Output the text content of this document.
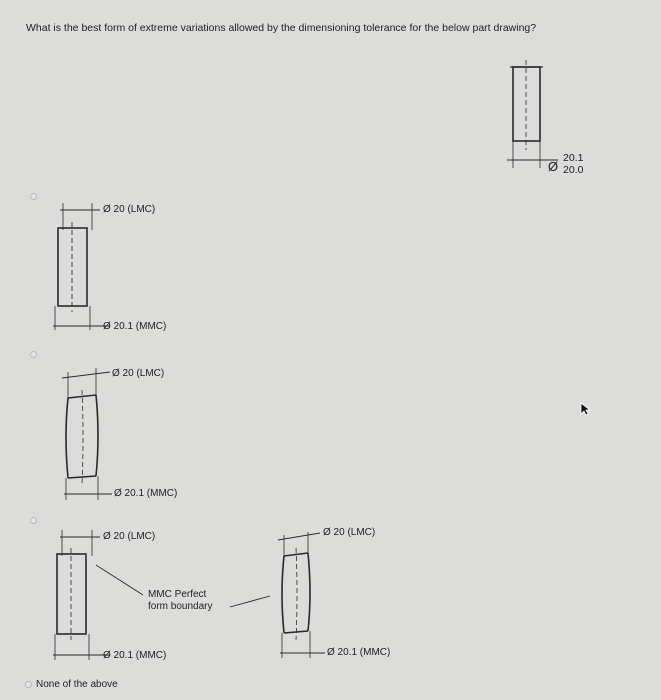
What is the best form of extreme variations allowed by the dimensioning tolerance for the below part drawing?
Ø
20.1
20.0
Ø 20 (LMC)
Ø 20.1 (MMC)
Ø 20 (LMC)
Ø 20.1 (MMC)
Ø 20 (LMC)
Ø 20.1 (MMC)
MMC Perfect
form boundary
Ø 20 (LMC)
Ø 20.1 (MMC)
None of the above
